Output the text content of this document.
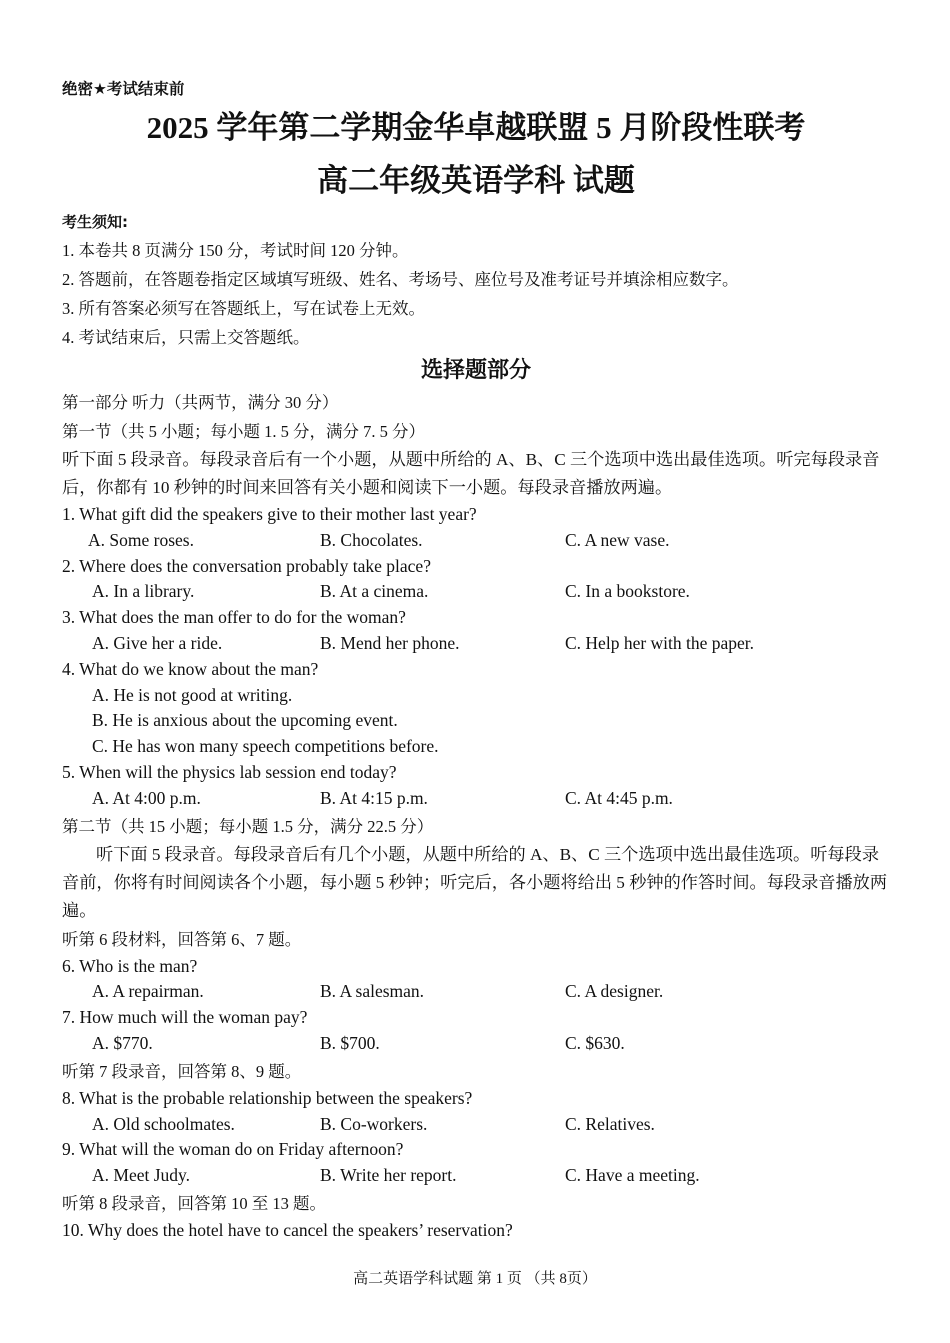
绝密★考试结束前
2025 学年第二学期金华卓越联盟 5 月阶段性联考
高二年级英语学科 试题
考生须知:
1. 本卷共 8 页满分 150 分，考试时间 120 分钟。
2. 答题前，在答题卷指定区域填写班级、姓名、考场号、座位号及准考证号并填涂相应数字。
3. 所有答案必须写在答题纸上，写在试卷上无效。
4. 考试结束后，只需上交答题纸。
选择题部分
第一部分 听力（共两节，满分 30 分）
第一节（共 5 小题；每小题 1. 5 分，满分 7. 5 分）
听下面 5 段录音。每段录音后有一个小题，从题中所给的 A、B、C 三个选项中选出最佳选项。听完每段录音后，你都有 10 秒钟的时间来回答有关小题和阅读下一小题。每段录音播放两遍。
1. What gift did the speakers give to their mother last year?
A. Some roses.	B. Chocolates.	C. A new vase.
2. Where does the conversation probably take place?
A. In a library.	B. At a cinema.	C. In a bookstore.
3. What does the man offer to do for the woman?
A. Give her a ride.	B. Mend her phone.	C. Help her with the paper.
4. What do we know about the man?
A. He is not good at writing.
B. He is anxious about the upcoming event.
C. He has won many speech competitions before.
5. When will the physics lab session end today?
A. At 4:00 p.m.	B. At 4:15 p.m.	C. At 4:45 p.m.
第二节（共 15 小题；每小题 1.5 分，满分 22.5 分）
听下面 5 段录音。每段录音后有几个小题，从题中所给的 A、B、C 三个选项中选出最佳选项。听每段录音前，你将有时间阅读各个小题，每小题 5 秒钟；听完后，各小题将给出 5 秒钟的作答时间。每段录音播放两遍。
听第 6 段材料，回答第 6、7 题。
6. Who is the man?
A. A repairman.	B. A salesman.	C. A designer.
7. How much will the woman pay?
A. $770.	B. $700.	C. $630.
听第 7 段录音，回答第 8、9 题。
8. What is the probable relationship between the speakers?
A. Old schoolmates.	B. Co-workers.	C. Relatives.
9. What will the woman do on Friday afternoon?
A. Meet Judy.	B. Write her report.	C. Have a meeting.
听第 8 段录音，回答第 10 至 13 题。
10. Why does the hotel have to cancel the speakers’ reservation?
高二英语学科试题 第 1 页 （共 8页）
